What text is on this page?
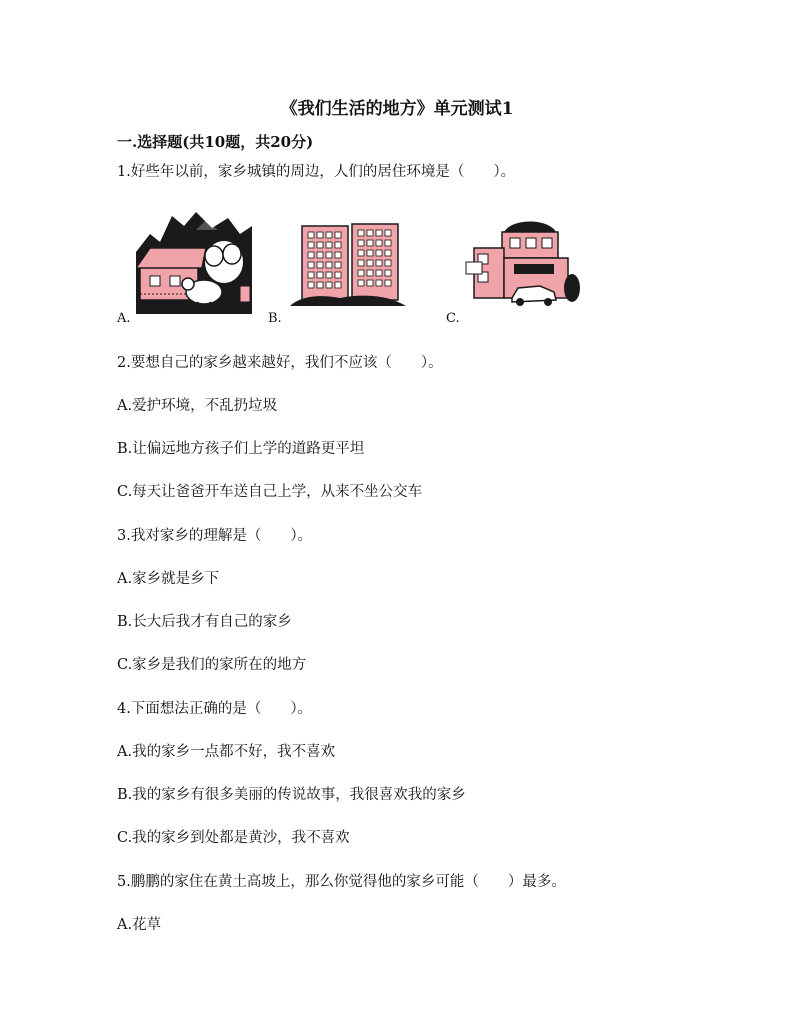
《我们生活的地方》单元测试1
一.选择题(共10题，共20分)
1.好些年以前，家乡城镇的周边，人们的居住环境是（　　）。
A.	B.	C.
2.要想自己的家乡越来越好，我们不应该（　　）。
A.爱护环境，不乱扔垃圾
B.让偏远地方孩子们上学的道路更平坦
C.每天让爸爸开车送自己上学，从来不坐公交车
3.我对家乡的理解是（　　）。
A.家乡就是乡下
B.长大后我才有自己的家乡
C.家乡是我们的家所在的地方
4.下面想法正确的是（　　）。
A.我的家乡一点都不好，我不喜欢
B.我的家乡有很多美丽的传说故事，我很喜欢我的家乡
C.我的家乡到处都是黄沙，我不喜欢
5.鹏鹏的家住在黄土高坡上，那么你觉得他的家乡可能（　　）最多。
A.花草
